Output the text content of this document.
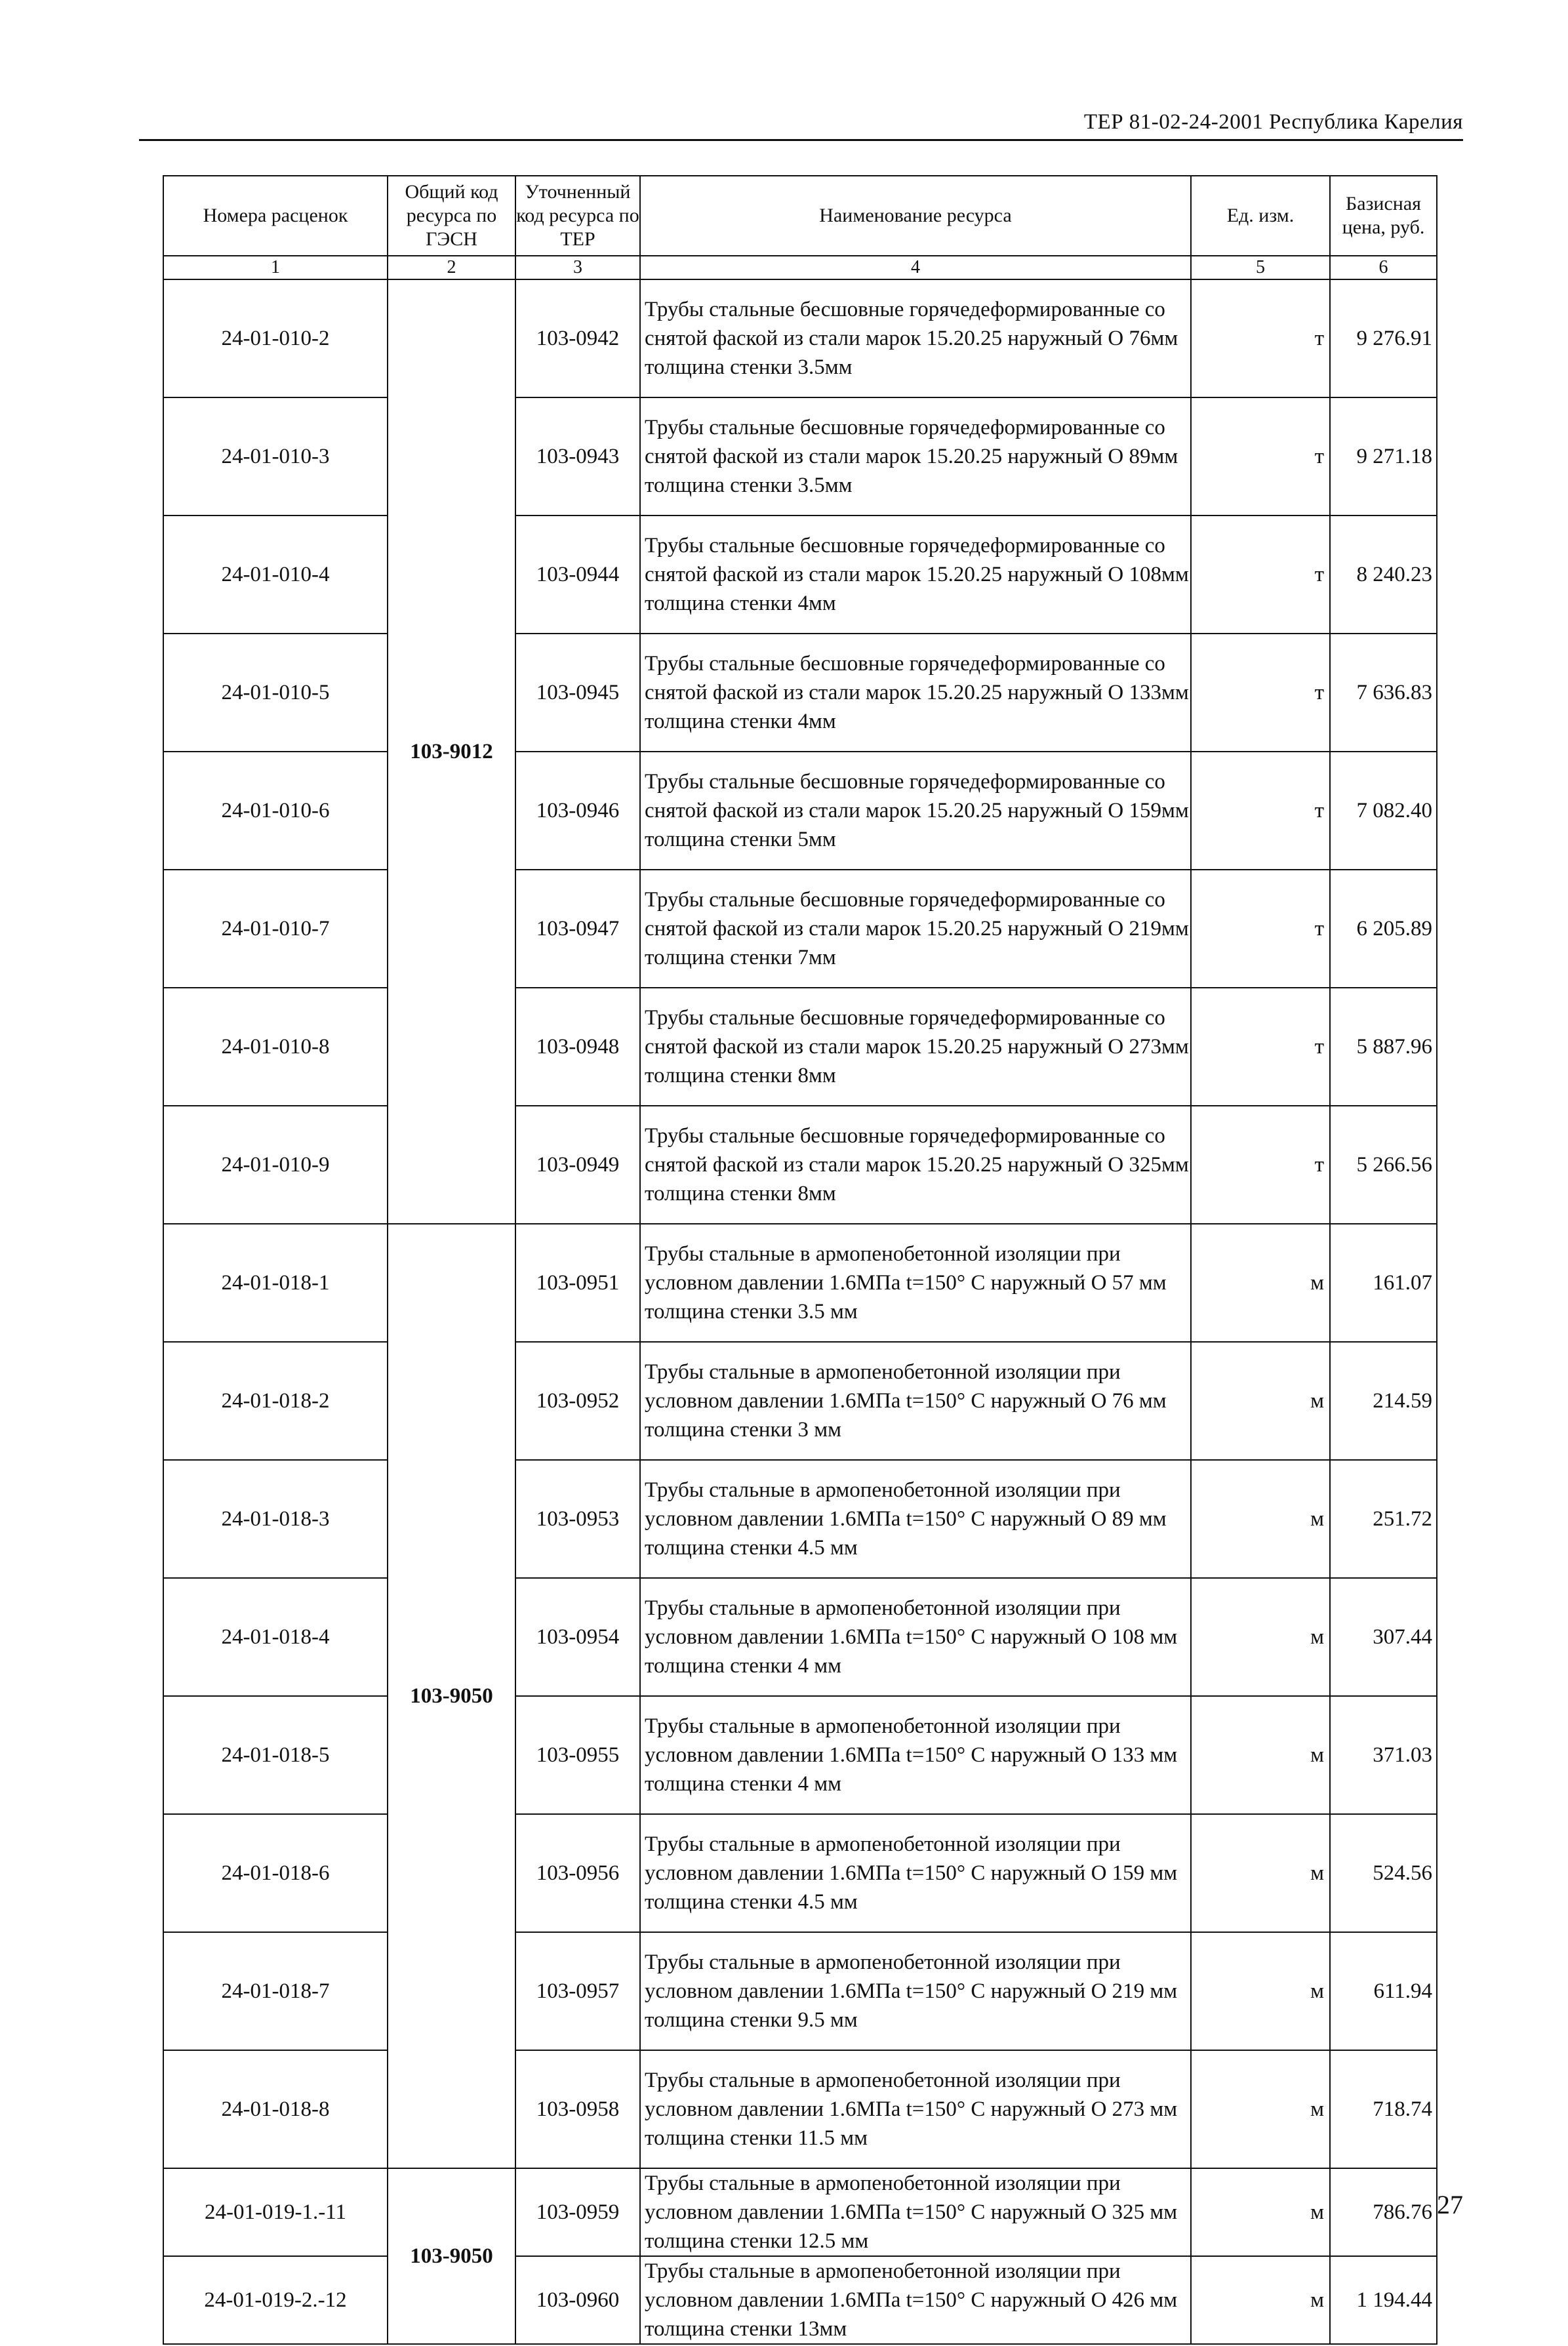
ТЕР 81-02-24-2001 Республика Карелия
Номера расценок	Общий код ресурса по ГЭСН	Уточненный код ресурса по ТЕР	Наименование ресурса	Ед. изм.	Базисная цена, руб.
1	2	3	4	5	6
24-01-010-2	103-9012	103-0942	Трубы стальные бесшовные горячедеформированные со снятой фаской из стали марок 15.20.25 наружный О 76мм толщина стенки 3.5мм	т	9 276.91
24-01-010-3		103-0943	Трубы стальные бесшовные горячедеформированные со снятой фаской из стали марок 15.20.25 наружный О 89мм толщина стенки 3.5мм	т	9 271.18
24-01-010-4		103-0944	Трубы стальные бесшовные горячедеформированные со снятой фаской из стали марок 15.20.25 наружный О 108мм толщина стенки 4мм	т	8 240.23
24-01-010-5		103-0945	Трубы стальные бесшовные горячедеформированные со снятой фаской из стали марок 15.20.25 наружный О 133мм толщина стенки 4мм	т	7 636.83
24-01-010-6		103-0946	Трубы стальные бесшовные горячедеформированные со снятой фаской из стали марок 15.20.25 наружный О 159мм толщина стенки 5мм	т	7 082.40
24-01-010-7		103-0947	Трубы стальные бесшовные горячедеформированные со снятой фаской из стали марок 15.20.25 наружный О 219мм толщина стенки 7мм	т	6 205.89
24-01-010-8		103-0948	Трубы стальные бесшовные горячедеформированные со снятой фаской из стали марок 15.20.25 наружный О 273мм толщина стенки 8мм	т	5 887.96
24-01-010-9		103-0949	Трубы стальные бесшовные горячедеформированные со снятой фаской из стали марок 15.20.25 наружный О 325мм толщина стенки 8мм	т	5 266.56
24-01-018-1	103-9050	103-0951	Трубы стальные в армопенобетонной изоляции при условном давлении 1.6МПа t=150° С наружный О 57 мм толщина стенки 3.5 мм	м	161.07
24-01-018-2		103-0952	Трубы стальные в армопенобетонной изоляции при условном давлении 1.6МПа t=150° С наружный О 76 мм толщина стенки 3 мм	м	214.59
24-01-018-3		103-0953	Трубы стальные в армопенобетонной изоляции при условном давлении 1.6МПа t=150° С наружный О 89 мм толщина стенки 4.5 мм	м	251.72
24-01-018-4		103-0954	Трубы стальные в армопенобетонной изоляции при условном давлении 1.6МПа t=150° С наружный О 108 мм толщина стенки 4 мм	м	307.44
24-01-018-5		103-0955	Трубы стальные в армопенобетонной изоляции при условном давлении 1.6МПа t=150° С наружный О 133 мм толщина стенки 4 мм	м	371.03
24-01-018-6		103-0956	Трубы стальные в армопенобетонной изоляции при условном давлении 1.6МПа t=150° С наружный О 159 мм толщина стенки 4.5 мм	м	524.56
24-01-018-7		103-0957	Трубы стальные в армопенобетонной изоляции при условном давлении 1.6МПа t=150° С наружный О 219 мм толщина стенки 9.5 мм	м	611.94
24-01-018-8		103-0958	Трубы стальные в армопенобетонной изоляции при условном давлении 1.6МПа t=150° С наружный О 273 мм толщина стенки 11.5 мм	м	718.74
24-01-019-1.-11	103-9050	103-0959	Трубы стальные в армопенобетонной изоляции при условном давлении 1.6МПа t=150° С наружный О 325 мм толщина стенки 12.5 мм	м	786.76
24-01-019-2.-12		103-0960	Трубы стальные в армопенобетонной изоляции при условном давлении 1.6МПа t=150° С наружный О 426 мм толщина стенки 13мм	м	1 194.44
27
